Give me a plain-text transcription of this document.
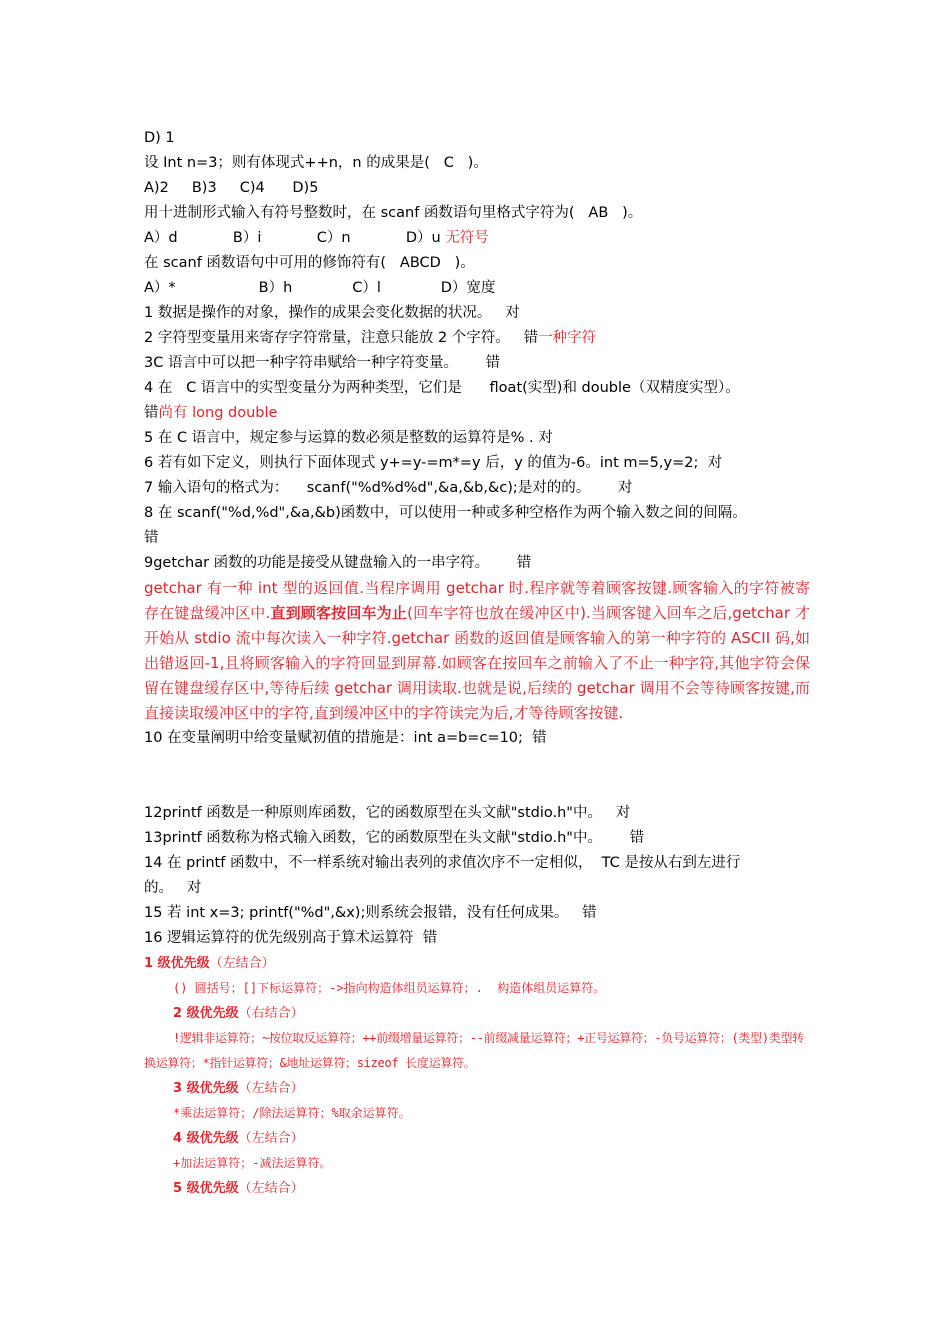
D) 1
设 Int n=3；则有体现式++n，n 的成果是(   C   )。
A)2     B)3     C)4      D)5
用十进制形式输入有符号整数时，在 scanf 函数语句里格式字符为(   AB   )。
A）d            B）i            C）n            D）u 无符号
在 scanf 函数语句中可用的修饰符有(   ABCD   )。
A）*                  B）h             C）l             D）宽度
1 数据是操作的对象，操作的成果会变化数据的状况。   对
2 字符型变量用来寄存字符常量，注意只能放 2 个字符。   错一种字符
3C 语言中可以把一种字符串赋给一种字符变量。      错
4 在   C 语言中的实型变量分为两种类型，它们是      float(实型)和 double（双精度实型）。
错尚有 long double
5 在 C 语言中，规定参与运算的数必须是整数的运算符是% . 对
6 若有如下定义，则执行下面体现式 y+=y-=m*=y 后，y 的值为-6。int m=5,y=2;  对
7 输入语句的格式为：    scanf("%d%d%d",&a,&b,&c);是对的的。      对
8 在 scanf("%d,%d",&a,&b)函数中，可以使用一种或多种空格作为两个输入数之间的间隔。
错
9getchar 函数的功能是接受从键盘输入的一串字符。      错
getchar 有一种 int 型的返回值.当程序调用 getchar 时.程序就等着顾客按键.顾客输入的字符被寄存在键盘缓冲区中.直到顾客按回车为止(回车字符也放在缓冲区中).当顾客键入回车之后,getchar 才开始从 stdio 流中每次读入一种字符.getchar 函数的返回值是顾客输入的第一种字符的 ASCII 码,如出错返回-1,且将顾客输入的字符回显到屏幕.如顾客在按回车之前输入了不止一种字符,其他字符会保留在键盘缓存区中,等待后续 getchar 调用读取.也就是说,后续的 getchar 调用不会等待顾客按键,而直接读取缓冲区中的字符,直到缓冲区中的字符读完为后,才等待顾客按键.
10 在变量阐明中给变量赋初值的措施是：int a=b=c=10;  错
12printf 函数是一种原则库函数，它的函数原型在头文献"stdio.h"中。   对
13printf 函数称为格式输入函数，它的函数原型在头文献"stdio.h"中。      错
14 在 printf 函数中，不一样系统对输出表列的求值次序不一定相似，  TC 是按从右到左进行
的。   对
15 若 int x=3; printf("%d",&x);则系统会报错，没有任何成果。   错
16 逻辑运算符的优先级别高于算术运算符  错
1 级优先级（左结合）
() 圆括号；[]下标运算符；->指向构造体组员运算符；.  构造体组员运算符。
2 级优先级（右结合）
!逻辑非运算符；~按位取反运算符；++前缀增量运算符；--前缀减量运算符；+正号运算符；-负号运算符；(类型)类型转换运算符；*指针运算符；&地址运算符；sizeof 长度运算符。
3 级优先级（左结合）
*乘法运算符；/除法运算符；%取余运算符。
4 级优先级（左结合）
+加法运算符；-减法运算符。
5 级优先级（左结合）
